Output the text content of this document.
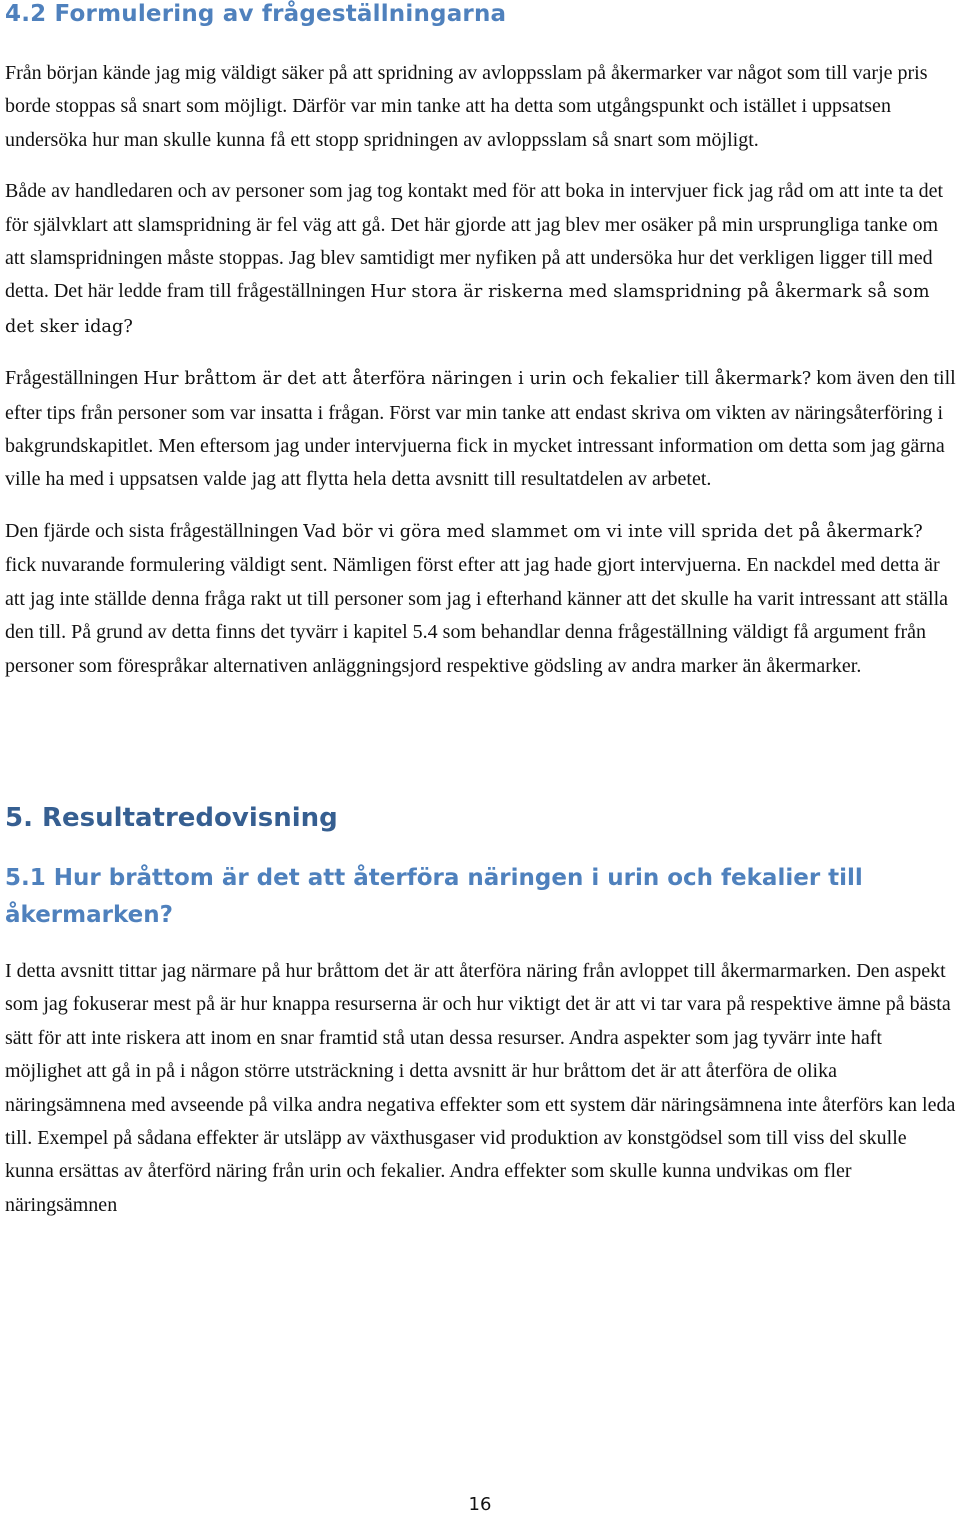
4.2 Formulering av frågeställningarna

Från början kände jag mig väldigt säker på att spridning av avloppsslam på åkermarker var något som till varje pris borde stoppas så snart som möjligt. Därför var min tanke att ha detta som utgångspunkt och istället i uppsatsen undersöka hur man skulle kunna få ett stopp spridningen av avloppsslam så snart som möjligt.

Både av handledaren och av personer som jag tog kontakt med för att boka in intervjuer fick jag råd om att inte ta det för självklart att slamspridning är fel väg att gå. Det här gjorde att jag blev mer osäker på min ursprungliga tanke om att slamspridningen måste stoppas. Jag blev samtidigt mer nyfiken på att undersöka hur det verkligen ligger till med detta. Det här ledde fram till frågeställningen Hur stora är riskerna med slamspridning på åkermark så som det sker idag?

Frågeställningen Hur bråttom är det att återföra näringen i urin och fekalier till åkermark? kom även den till efter tips från personer som var insatta i frågan. Först var min tanke att endast skriva om vikten av näringsåterföring i bakgrundskapitlet. Men eftersom jag under intervjuerna fick in mycket intressant information om detta som jag gärna ville ha med i uppsatsen valde jag att flytta hela detta avsnitt till resultatdelen av arbetet.

Den fjärde och sista frågeställningen Vad bör vi göra med slammet om vi inte vill sprida det på åkermark? fick nuvarande formulering väldigt sent. Nämligen först efter att jag hade gjort intervjuerna. En nackdel med detta är att jag inte ställde denna fråga rakt ut till personer som jag i efterhand känner att det skulle ha varit intressant att ställa den till. På grund av detta finns det tyvärr i kapitel 5.4 som behandlar denna frågeställning väldigt få argument från personer som förespråkar alternativen anläggningsjord respektive gödsling av andra marker än åkermarker.

5. Resultatredovisning
5.1 Hur bråttom är det att återföra näringen i urin och fekalier till åkermarken?

I detta avsnitt tittar jag närmare på hur bråttom det är att återföra näring från avloppet till åkermarmarken. Den aspekt som jag fokuserar mest på är hur knappa resurserna är och hur viktigt det är att vi tar vara på respektive ämne på bästa sätt för att inte riskera att inom en snar framtid stå utan dessa resurser. Andra aspekter som jag tyvärr inte haft möjlighet att gå in på i någon större utsträckning i detta avsnitt är hur bråttom det är att återföra de olika näringsämnena med avseende på vilka andra negativa effekter som ett system där näringsämnena inte återförs kan leda till. Exempel på sådana effekter är utsläpp av växthusgaser vid produktion av konstgödsel som till viss del skulle kunna ersättas av återförd näring från urin och fekalier. Andra effekter som skulle kunna undvikas om fler näringsämnen

16
